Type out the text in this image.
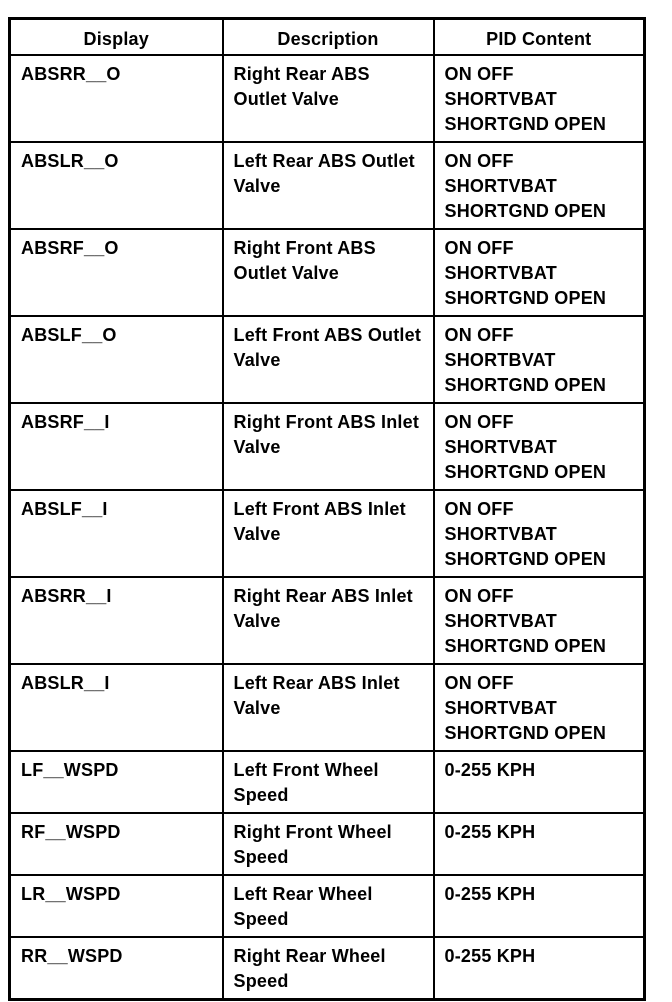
Display	Description	PID Content
ABSRR__O	Right Rear ABS Outlet Valve	ON OFF
SHORTVBAT
SHORTGND OPEN

ABSLR__O	Left Rear ABS Outlet Valve	ON OFF
SHORTVBAT
SHORTGND OPEN

ABSRF__O	Right Front ABS Outlet Valve	ON OFF
SHORTVBAT
SHORTGND OPEN

ABSLF__O	Left Front ABS Outlet Valve	ON OFF
SHORTBVAT
SHORTGND OPEN

ABSRF__I	Right Front ABS Inlet Valve	ON OFF
SHORTVBAT
SHORTGND OPEN

ABSLF__I	Left Front ABS Inlet Valve	ON OFF
SHORTVBAT
SHORTGND OPEN

ABSRR__I	Right Rear ABS Inlet Valve	ON OFF
SHORTVBAT
SHORTGND OPEN

ABSLR__I	Left Rear ABS Inlet Valve	ON OFF
SHORTVBAT
SHORTGND OPEN

LF__WSPD	Left Front Wheel Speed	0-255 KPH

RF__WSPD	Right Front Wheel Speed	0-255 KPH

LR__WSPD	Left Rear Wheel Speed	0-255 KPH

RR__WSPD	Right Rear Wheel Speed	0-255 KPH
